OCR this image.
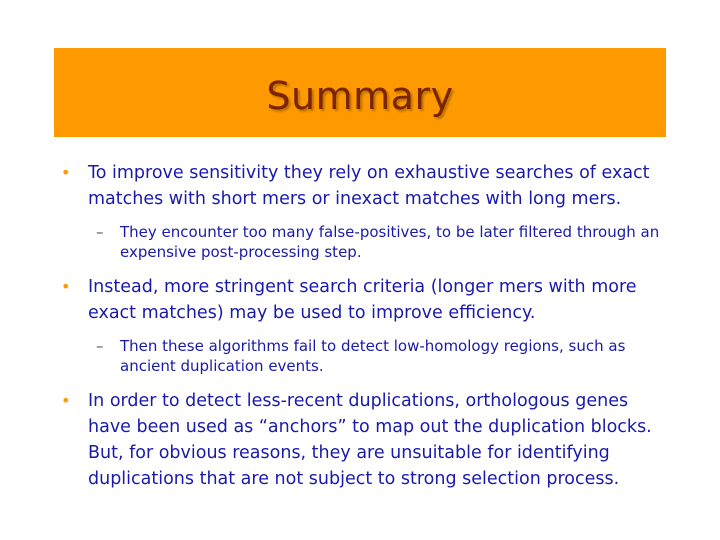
Summary
• To improve sensitivity they rely on exhaustive searches of exact matches with short mers or inexact matches with long mers.
– They encounter too many false-positives, to be later filtered through an expensive post-processing step.
• Instead, more stringent search criteria (longer mers with more exact matches) may be used to improve efficiency.
– Then these algorithms fail to detect low-homology regions, such as ancient duplication events.
• In order to detect less-recent duplications, orthologous genes have been used as “anchors” to map out the duplication blocks. But, for obvious reasons, they are unsuitable for identifying duplications that are not subject to strong selection process.
